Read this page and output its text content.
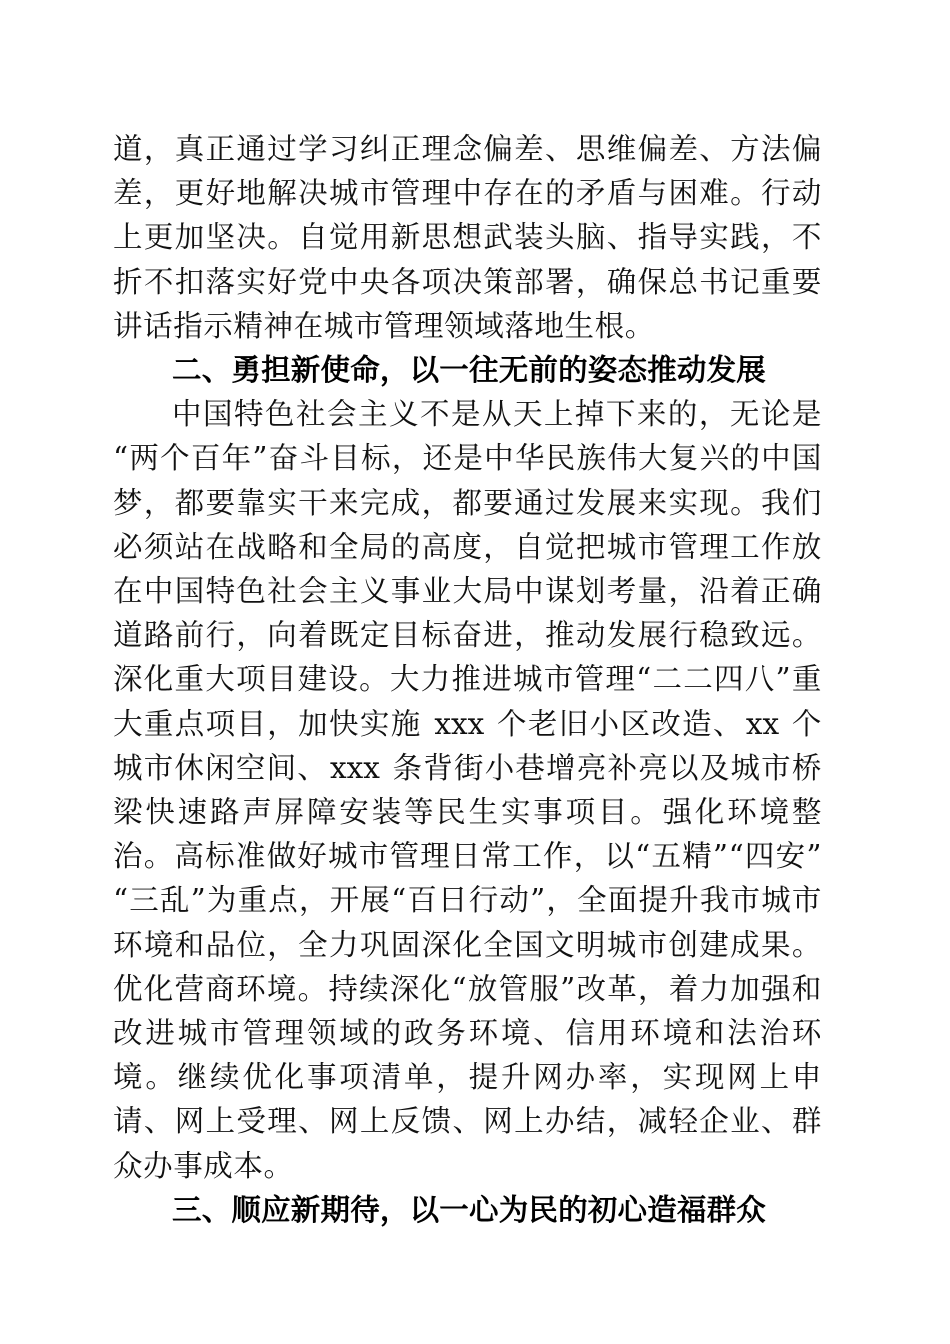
道，真正通过学习纠正理念偏差、思维偏差、方法偏差，更好地解决城市管理中存在的矛盾与困难。行动上更加坚决。自觉用新思想武装头脑、指导实践，不折不扣落实好党中央各项决策部署，确保总书记重要讲话指示精神在城市管理领域落地生根。

二、勇担新使命，以一往无前的姿态推动发展

中国特色社会主义不是从天上掉下来的，无论是“两个百年”奋斗目标，还是中华民族伟大复兴的中国梦，都要靠实干来完成，都要通过发展来实现。我们必须站在战略和全局的高度，自觉把城市管理工作放在中国特色社会主义事业大局中谋划考量，沿着正确道路前行，向着既定目标奋进，推动发展行稳致远。深化重大项目建设。大力推进城市管理“二二四八”重大重点项目，加快实施 xxx 个老旧小区改造、xx 个城市休闲空间、xxx 条背街小巷增亮补亮以及城市桥梁快速路声屏障安装等民生实事项目。强化环境整治。高标准做好城市管理日常工作，以“五精”“四安”“三乱”为重点，开展“百日行动”，全面提升我市城市环境和品位，全力巩固深化全国文明城市创建成果。优化营商环境。持续深化“放管服”改革，着力加强和改进城市管理领域的政务环境、信用环境和法治环境。继续优化事项清单，提升网办率，实现网上申请、网上受理、网上反馈、网上办结，减轻企业、群众办事成本。

三、顺应新期待，以一心为民的初心造福群众
